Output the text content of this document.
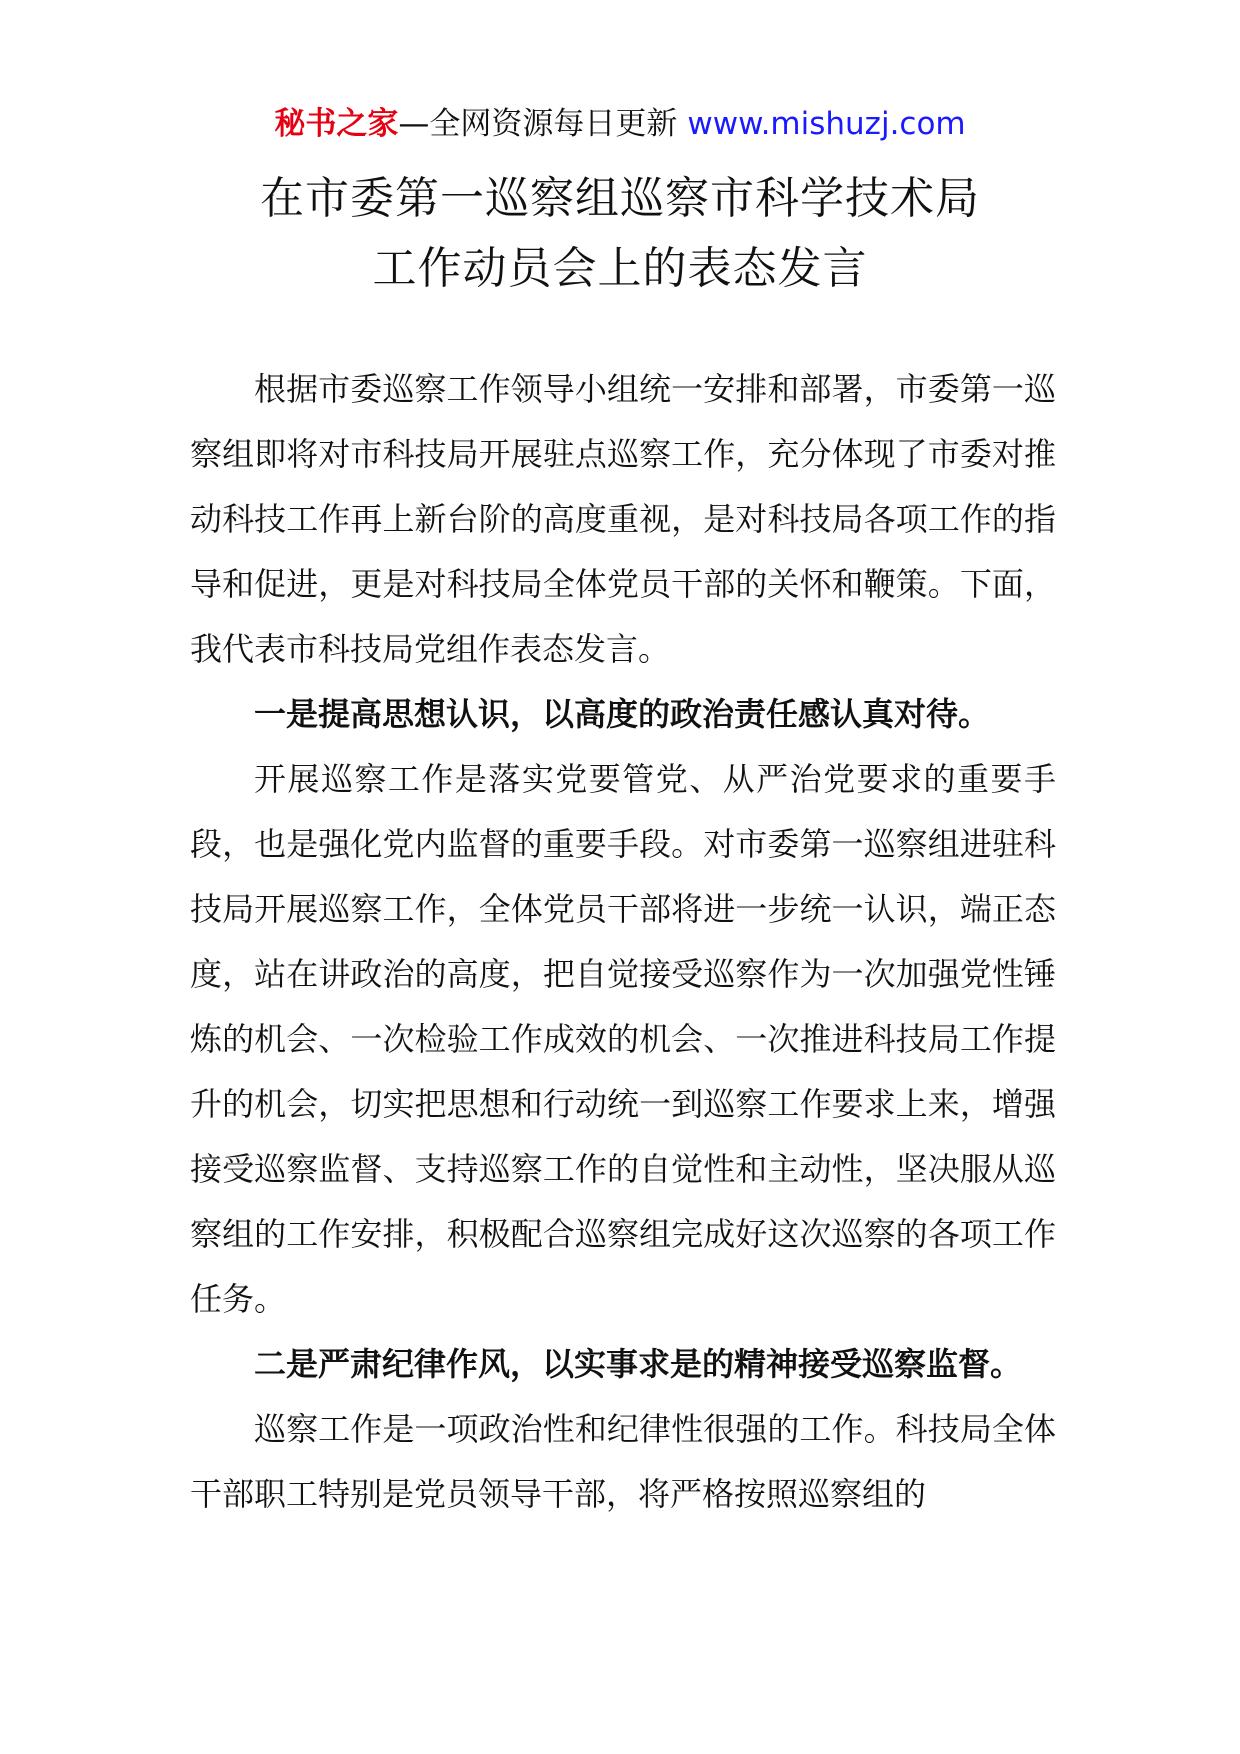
秘书之家—全网资源每日更新 www.mishuzj.com
在市委第一巡察组巡察市科学技术局
工作动员会上的表态发言

根据市委巡察工作领导小组统一安排和部署，市委第一巡察组即将对市科技局开展驻点巡察工作，充分体现了市委对推动科技工作再上新台阶的高度重视，是对科技局各项工作的指导和促进，更是对科技局全体党员干部的关怀和鞭策。下面，我代表市科技局党组作表态发言。

一是提高思想认识，以高度的政治责任感认真对待。

开展巡察工作是落实党要管党、从严治党要求的重要手段，也是强化党内监督的重要手段。对市委第一巡察组进驻科技局开展巡察工作，全体党员干部将进一步统一认识，端正态度，站在讲政治的高度，把自觉接受巡察作为一次加强党性锤炼的机会、一次检验工作成效的机会、一次推进科技局工作提升的机会，切实把思想和行动统一到巡察工作要求上来，增强接受巡察监督、支持巡察工作的自觉性和主动性，坚决服从巡察组的工作安排，积极配合巡察组完成好这次巡察的各项工作任务。

二是严肃纪律作风，以实事求是的精神接受巡察监督。

巡察工作是一项政治性和纪律性很强的工作。科技局全体干部职工特别是党员领导干部，将严格按照巡察组的
